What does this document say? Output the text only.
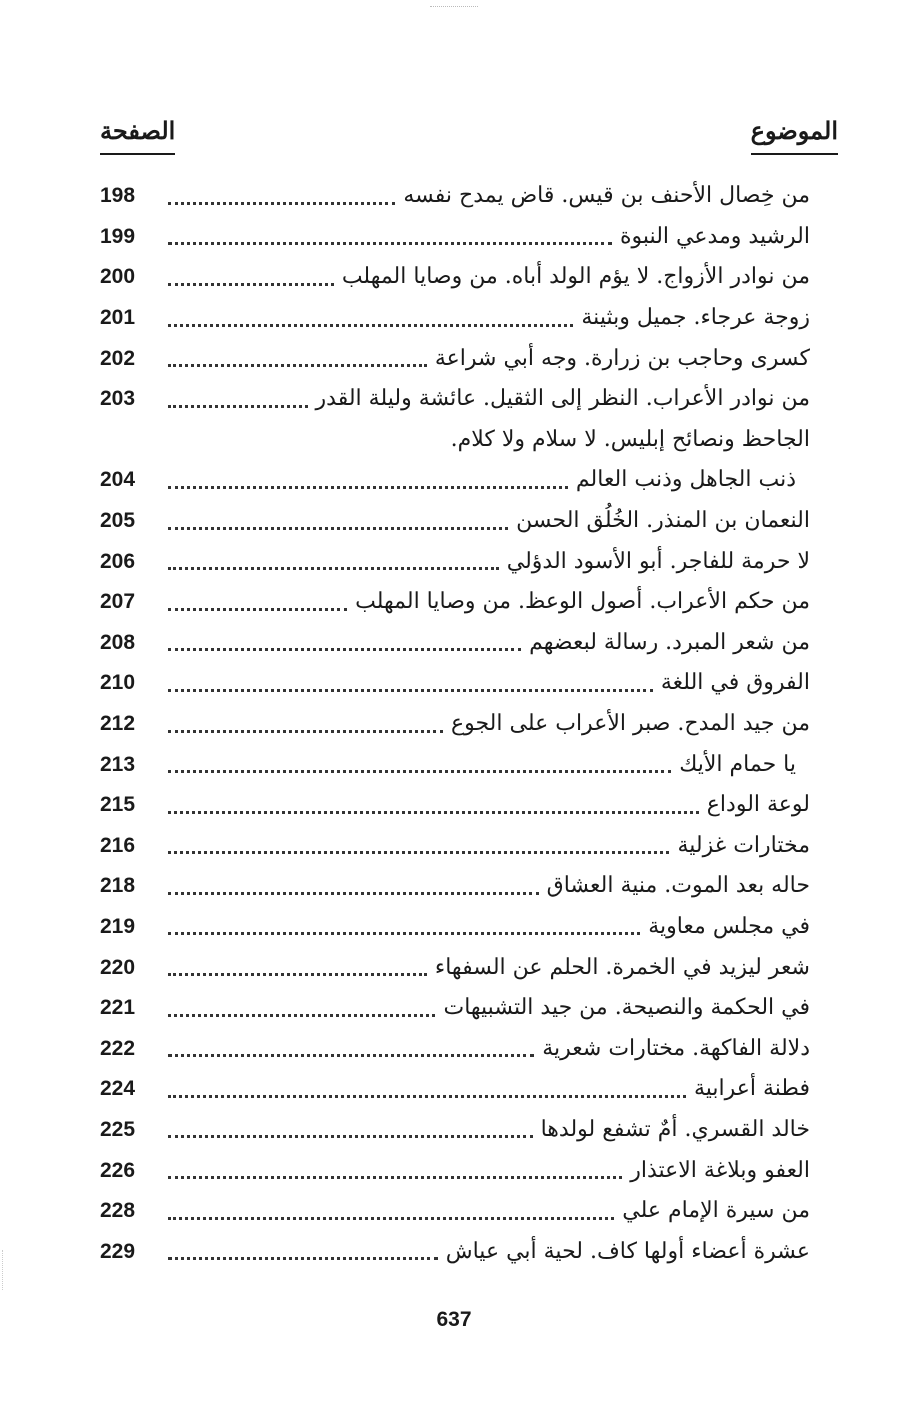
الموضوع
الصفحة
من خِصال الأحنف بن قيس. قاض يمدح نفسه
198
الرشيد ومدعي النبوة
199
من نوادر الأزواج. لا يؤم الولد أباه. من وصايا المهلب
200
زوجة عرجاء. جميل وبثينة
201
كسرى وحاجب بن زرارة. وجه أبي شراعة
202
من نوادر الأعراب. النظر إلى الثقيل. عائشة وليلة القدر
203
الجاحظ ونصائح إبليس. لا سلام ولا كلام.
ذنب الجاهل وذنب العالم
204
النعمان بن المنذر. الخُلُق الحسن
205
لا حرمة للفاجر. أبو الأسود الدؤلي
206
من حكم الأعراب. أصول الوعظ. من وصايا المهلب
207
من شعر المبرد. رسالة لبعضهم
208
الفروق في اللغة
210
من جيد المدح. صبر الأعراب على الجوع
212
يا حمام الأيك
213
لوعة الوداع
215
مختارات غزلية
216
حاله بعد الموت. منية العشاق
218
في مجلس معاوية
219
شعر ليزيد في الخمرة. الحلم عن السفهاء
220
في الحكمة والنصيحة. من جيد التشبيهات
221
دلالة الفاكهة. مختارات شعرية
222
فطنة أعرابية
224
خالد القسري. أمٌ تشفع لولدها
225
العفو وبلاغة الاعتذار
226
من سيرة الإمام علي
228
عشرة أعضاء أولها كاف. لحية أبي عياش
229
637
